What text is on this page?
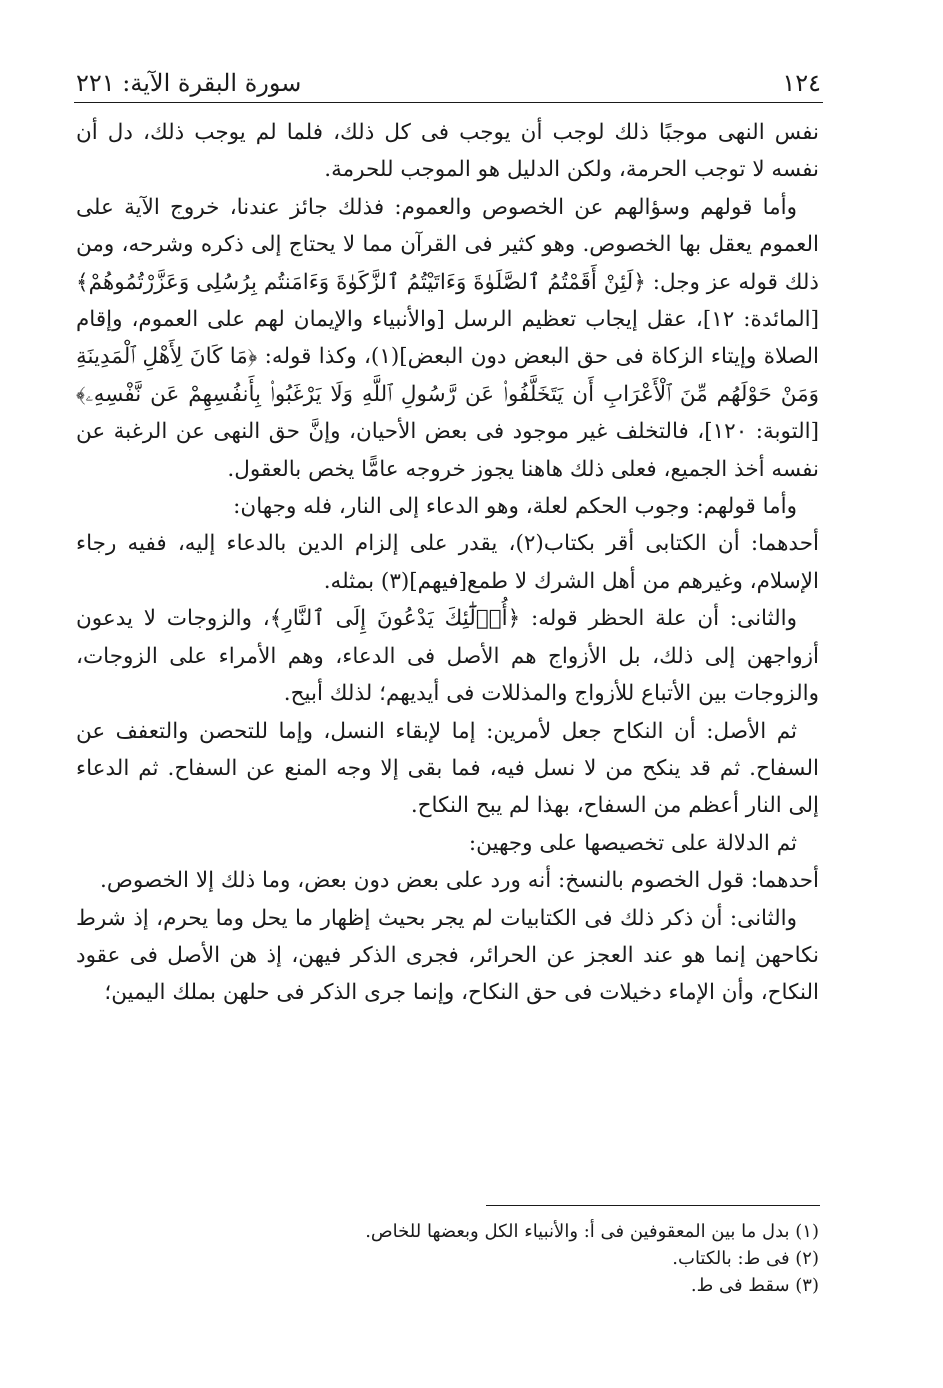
١٢٤
سورة البقرة الآية: ٢٢١

نفس النهى موجبًا ذلك لوجب أن يوجب فى كل ذلك، فلما لم يوجب ذلك، دل أن نفسه لا توجب الحرمة، ولكن الدليل هو الموجب للحرمة.

وأما قولهم وسؤالهم عن الخصوص والعموم: فذلك جائز عندنا، خروج الآية على العموم يعقل بها الخصوص. وهو كثير فى القرآن مما لا يحتاج إلى ذكره وشرحه، ومن ذلك قوله عز وجل: ﴿لَئِنْ أَقَمْتُمُ ٱلصَّلَوٰةَ وَءَاتَيْتُمُ ٱلزَّكَوٰةَ وَءَامَنتُم بِرُسُلِى وَعَزَّرْتُمُوهُمْ﴾ [المائدة: ١٢]، عقل إيجاب تعظيم الرسل [والأنبياء والإيمان لهم على العموم، وإقام الصلاة وإيتاء الزكاة فى حق البعض دون البعض](١)، وكذا قوله: ﴿مَا كَانَ لِأَهْلِ ٱلْمَدِينَةِ وَمَنْ حَوْلَهُم مِّنَ ٱلْأَعْرَابِ أَن يَتَخَلَّفُوا۟ عَن رَّسُولِ ٱللَّهِ وَلَا يَرْغَبُوا۟ بِأَنفُسِهِمْ عَن نَّفْسِهِۦ﴾ [التوبة: ١٢٠]، فالتخلف غير موجود فى بعض الأحيان، وإنَّ حق النهى عن الرغبة عن نفسه أخذ الجميع، فعلى ذلك هاهنا يجوز خروجه عامًّا يخص بالعقول.

وأما قولهم: وجوب الحكم لعلة، وهو الدعاء إلى النار، فله وجهان:

أحدهما: أن الكتابى أقر بكتاب(٢)، يقدر على إلزام الدين بالدعاء إليه، ففيه رجاء الإسلام، وغيرهم من أهل الشرك لا طمع[فيهم](٣) بمثله.

والثانى: أن علة الحظر قوله: ﴿أُو۟لَٰٓئِكَ يَدْعُونَ إِلَى ٱلنَّارِ﴾، والزوجات لا يدعون أزواجهن إلى ذلك، بل الأزواج هم الأصل فى الدعاء، وهم الأمراء على الزوجات، والزوجات بين الأتباع للأزواج والمذللات فى أيديهم؛ لذلك أبيح.

ثم الأصل: أن النكاح جعل لأمرين: إما لإبقاء النسل، وإما للتحصن والتعفف عن السفاح. ثم قد ينكح من لا نسل فيه، فما بقى إلا وجه المنع عن السفاح. ثم الدعاء إلى النار أعظم من السفاح، بهذا لم يبح النكاح.

ثم الدلالة على تخصيصها على وجهين:

أحدهما: قول الخصوم بالنسخ: أنه ورد على بعض دون بعض، وما ذلك إلا الخصوص.

والثانى: أن ذكر ذلك فى الكتابيات لم يجر بحيث إظهار ما يحل وما يحرم، إذ شرط نكاحهن إنما هو عند العجز عن الحرائر، فجرى الذكر فيهن، إذ هن الأصل فى عقود النكاح، وأن الإماء دخيلات فى حق النكاح، وإنما جرى الذكر فى حلهن بملك اليمين؛

(١) بدل ما بين المعقوفين فى أ: والأنبياء الكل وبعضها للخاص.
(٢) فى ط: بالكتاب.
(٣) سقط فى ط.
